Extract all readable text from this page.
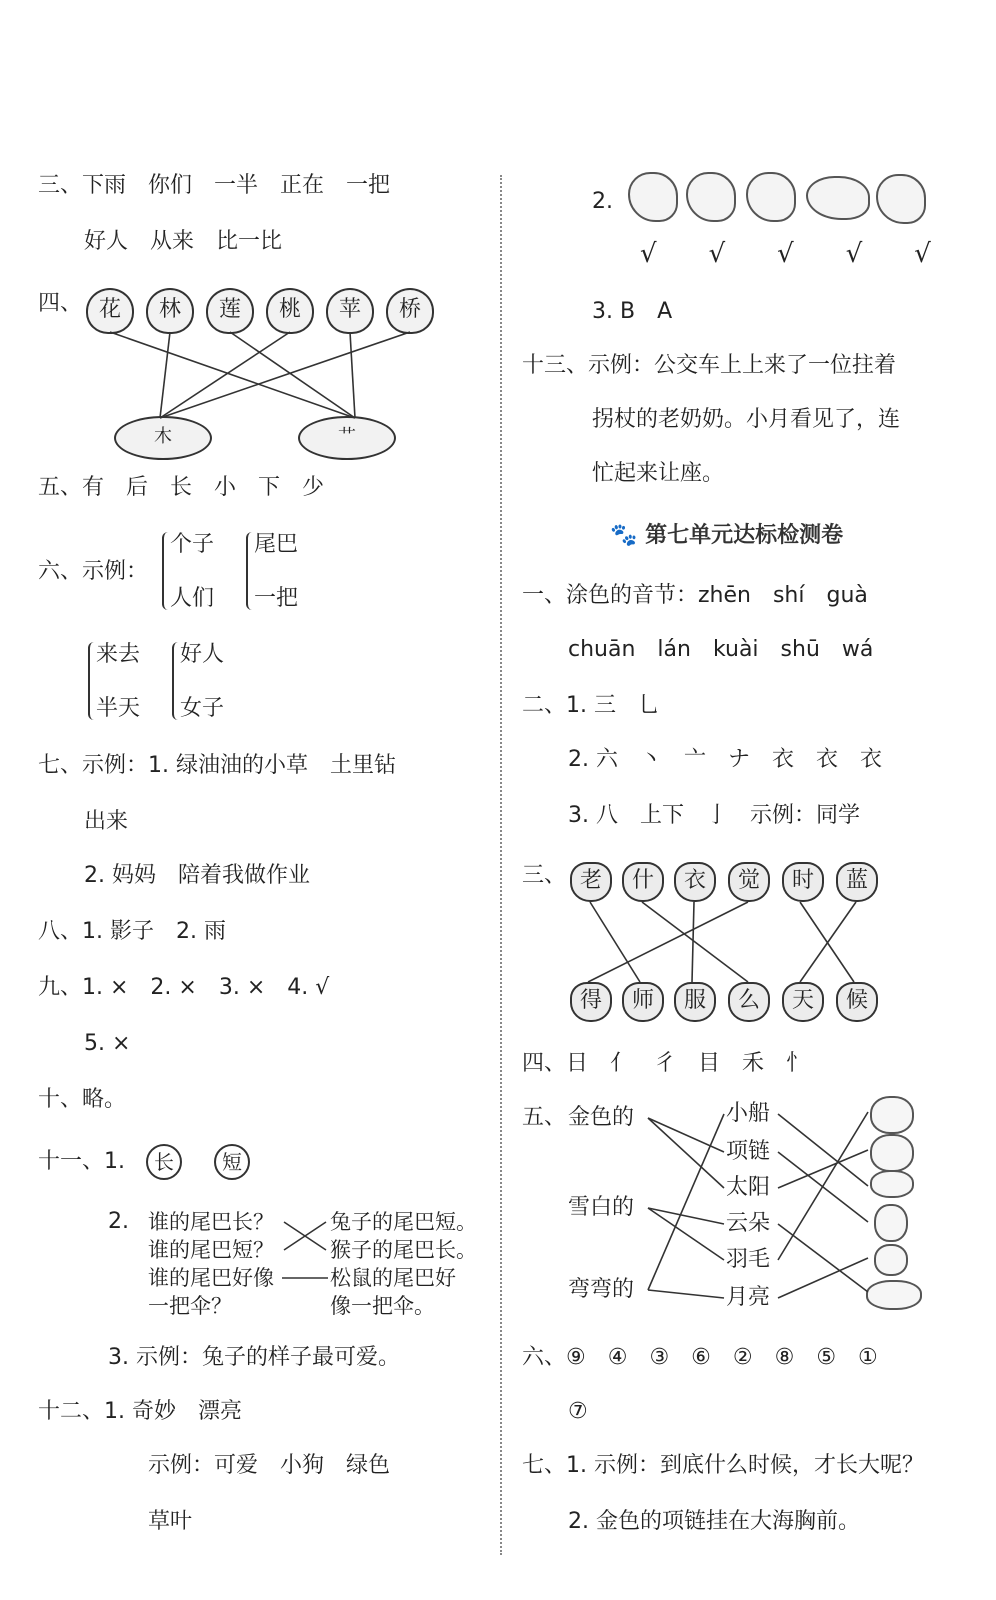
三、下雨　你们　一半　正在　一把
好人　从来　比一比
四、 花	林	莲	桃	苹	桥
木	艹
五、有　后　长　小　下　少
六、示例：
个子
人们
尾巴
一把
来去
半天
好人
女子
七、示例：1. 绿油油的小草　土里钻
出来
2. 妈妈　陪着我做作业
八、1. 影子　2. 雨
九、1. ×　2. ×　3. ×　4. √
5. ×
十、略。
十一、1.	长	短
2. 谁的尾巴长？
谁的尾巴短？
谁的尾巴好像
一把伞？
兔子的尾巴短。
猴子的尾巴长。
松鼠的尾巴好
像一把伞。
3. 示例：兔子的样子最可爱。
十二、1. 奇妙　漂亮
示例：可爱　小狗　绿色
草叶
2.
√　　√　　√　　√　　√
3. B　A
十三、示例：公交车上上来了一位拄着
拐杖的老奶奶。小月看见了，连
忙起来让座。
🐾 第七单元达标检测卷
一、涂色的音节：zhēn　shí　guà
chuān　lán　kuài　shū　wá
二、1. 三　乚
2. 六　丶　亠　ナ　衣　衣　衣
3. 八　上下　亅　示例：同学
三、 老	什	衣	觉	时	蓝
得	师	服	么	天	候
四、日　亻　彳　目　禾　忄
五、 金色的
雪白的
弯弯的
小船
项链
太阳
云朵
羽毛
月亮
六、⑨　④　③　⑥　②　⑧　⑤　①
⑦
七、1. 示例：到底什么时候，才长大呢？
2. 金色的项链挂在大海胸前。
